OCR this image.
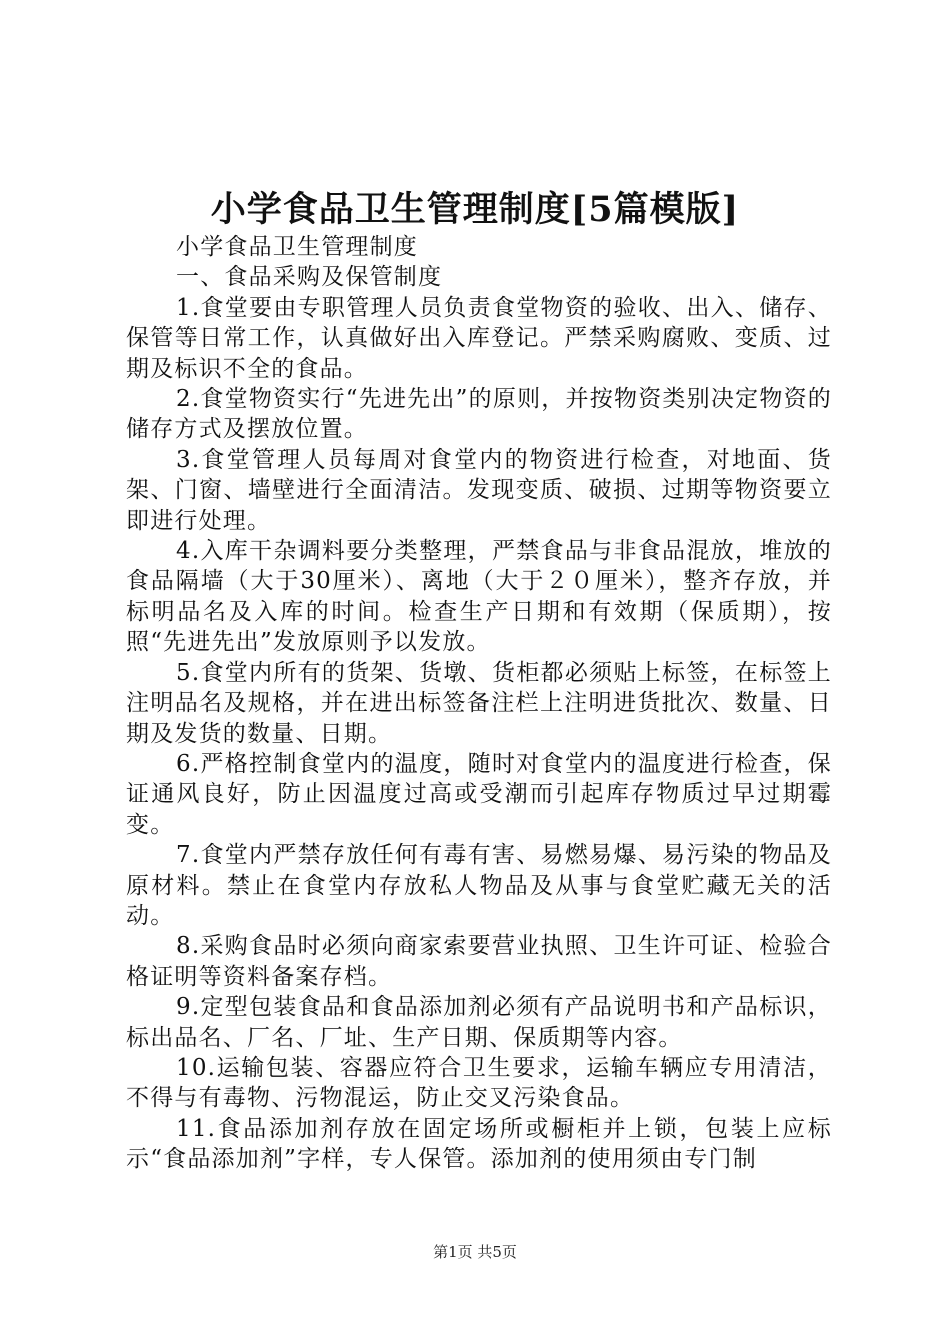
小学食品卫生管理制度[5篇模版]

小学食品卫生管理制度

一、食品采购及保管制度

1.食堂要由专职管理人员负责食堂物资的验收、出入、储存、保管等日常工作，认真做好出入库登记。严禁采购腐败、变质、过期及标识不全的食品。

2.食堂物资实行“先进先出”的原则，并按物资类别决定物资的储存方式及摆放位置。

3.食堂管理人员每周对食堂内的物资进行检查，对地面、货架、门窗、墙壁进行全面清洁。发现变质、破损、过期等物资要立即进行处理。

4.入库干杂调料要分类整理，严禁食品与非食品混放，堆放的食品隔墙（大于30厘米）、离地（大于２０厘米），整齐存放，并标明品名及入库的时间。检查生产日期和有效期（保质期），按照“先进先出”发放原则予以发放。

5.食堂内所有的货架、货墩、货柜都必须贴上标签，在标签上注明品名及规格，并在进出标签备注栏上注明进货批次、数量、日期及发货的数量、日期。

6.严格控制食堂内的温度，随时对食堂内的温度进行检查，保证通风良好，防止因温度过高或受潮而引起库存物质过早过期霉变。

7.食堂内严禁存放任何有毒有害、易燃易爆、易污染的物品及原材料。禁止在食堂内存放私人物品及从事与食堂贮藏无关的活动。

8.采购食品时必须向商家索要营业执照、卫生许可证、检验合格证明等资料备案存档。

9.定型包装食品和食品添加剂必须有产品说明书和产品标识，标出品名、厂名、厂址、生产日期、保质期等内容。

10.运输包装、容器应符合卫生要求，运输车辆应专用清洁，不得与有毒物、污物混运，防止交叉污染食品。

11.食品添加剂存放在固定场所或橱柜并上锁，包装上应标示“食品添加剂”字样，专人保管。添加剂的使用须由专门制

第1页 共5页
